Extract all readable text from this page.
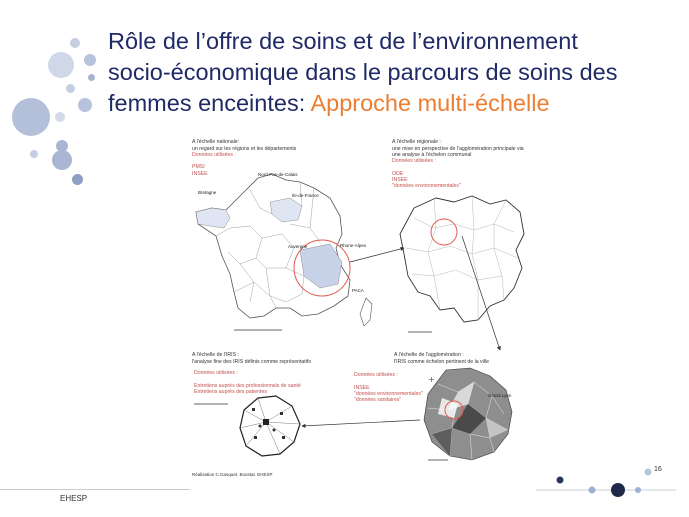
Rôle de l’offre de soins et de l’environnement
socio-économique dans le parcours de soins des
femmes enceintes: Approche multi-échelle

A l'échelle nationale:
un regard sur les régions et les départements

Données utilisées :

PMSI
INSEE	Nord-Pas-de-Calais
Ile-de-France
Bretagne
Auvergne	Rhone-Alpes
PACA

A l'échelle régionale :
une mise en perspective de l'agglomération principale via
une analyse à l'échelon communal

Données utilisées :

ODE
INSEE
"données environnementales"

A l'échelle de l'agglomération :
l'IRIS comme échelon pertinent de la ville

Données utilisées :

INSEE
"données environnementales"
"données sanitaires"

+
Grand Lyon

A l'échelle de l'IRIS :
l'analyse fine des IRIS définis comme représentatifs

Données utilisées :

Entretiens auprès des professionnels de santé
Entretiens auprès des patientes

Réalisation C.Gasquet. Boostat. EHESP
16
EHESP
